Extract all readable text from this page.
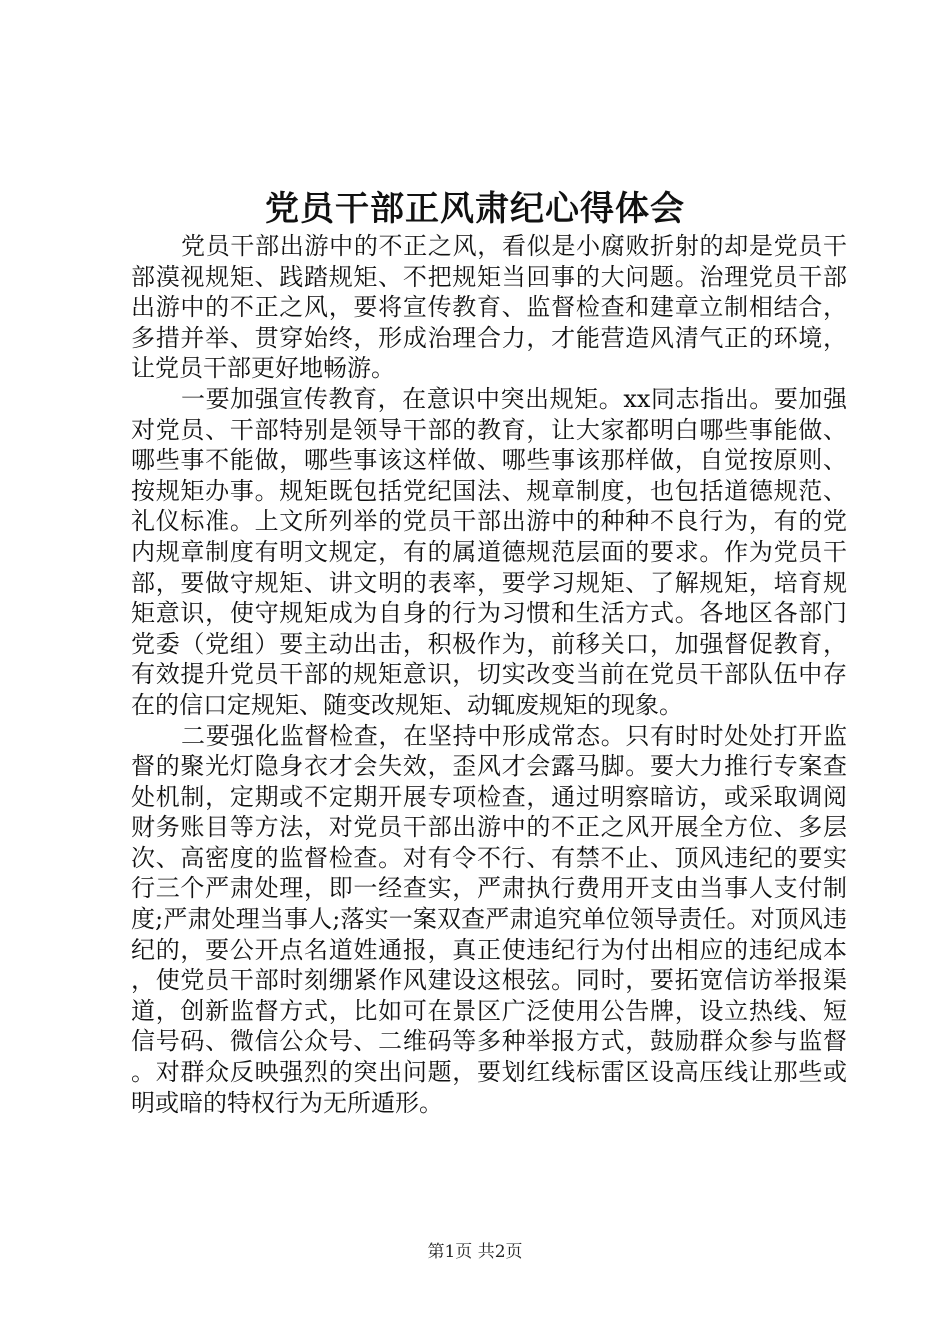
党员干部正风肃纪心得体会

党员干部出游中的不正之风，看似是小腐败折射的却是党员干部漠视规矩、践踏规矩、不把规矩当回事的大问题。治理党员干部出游中的不正之风，要将宣传教育、监督检查和建章立制相结合，多措并举、贯穿始终，形成治理合力，才能营造风清气正的环境，让党员干部更好地畅游。

一要加强宣传教育，在意识中突出规矩。xx同志指出。要加强对党员、干部特别是领导干部的教育，让大家都明白哪些事能做、哪些事不能做，哪些事该这样做、哪些事该那样做，自觉按原则、按规矩办事。规矩既包括党纪国法、规章制度，也包括道德规范、礼仪标准。上文所列举的党员干部出游中的种种不良行为，有的党内规章制度有明文规定，有的属道德规范层面的要求。作为党员干部，要做守规矩、讲文明的表率，要学习规矩、了解规矩，培育规矩意识，使守规矩成为自身的行为习惯和生活方式。各地区各部门党委（党组）要主动出击，积极作为，前移关口，加强督促教育，有效提升党员干部的规矩意识，切实改变当前在党员干部队伍中存在的信口定规矩、随变改规矩、动辄废规矩的现象。

二要强化监督检查，在坚持中形成常态。只有时时处处打开监督的聚光灯隐身衣才会失效，歪风才会露马脚。要大力推行专案查处机制，定期或不定期开展专项检查，通过明察暗访，或采取调阅财务账目等方法，对党员干部出游中的不正之风开展全方位、多层次、高密度的监督检查。对有令不行、有禁不止、顶风违纪的要实行三个严肃处理，即一经查实，严肃执行费用开支由当事人支付制度;严肃处理当事人;落实一案双查严肃追究单位领导责任。对顶风违纪的，要公开点名道姓通报，真正使违纪行为付出相应的违纪成本，使党员干部时刻绷紧作风建设这根弦。同时，要拓宽信访举报渠道，创新监督方式，比如可在景区广泛使用公告牌，设立热线、短信号码、微信公众号、二维码等多种举报方式，鼓励群众参与监督。对群众反映强烈的突出问题，要划红线标雷区设高压线让那些或明或暗的特权行为无所遁形。

第1页 共2页
